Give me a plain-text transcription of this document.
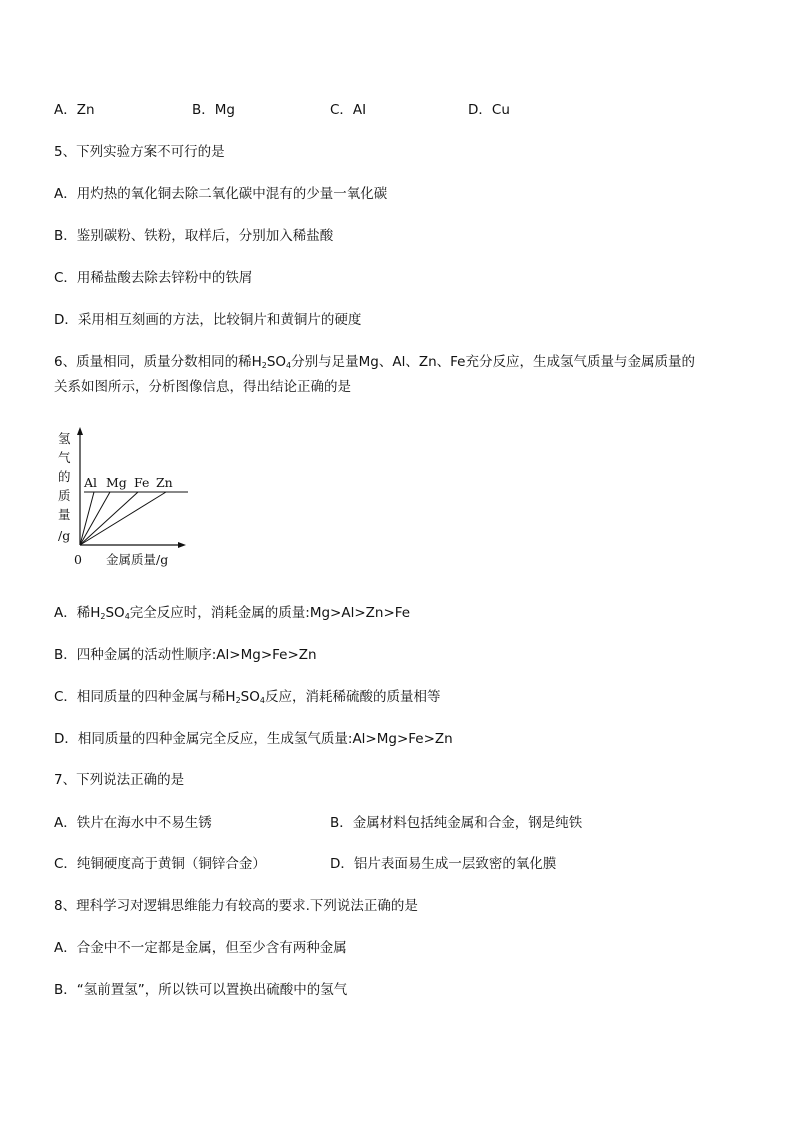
A．Zn	B．Mg	C．AI	D．Cu
5、下列实验方案不可行的是
A．用灼热的氧化铜去除二氧化碳中混有的少量一氧化碳
B．鉴别碳粉、铁粉，取样后，分别加入稀盐酸
C．用稀盐酸去除去锌粉中的铁屑
D．采用相互刻画的方法，比较铜片和黄铜片的硬度
6、质量相同，质量分数相同的稀$H_2SO_4$分别与足量Mg、Al、Zn、Fe充分反应，生成氢气质量与金属质量的
关系如图所示，分析图像信息，得出结论正确的是
氢
气
的
质
量
/g
Al Mg Fe Zn
0 金属质量/g
A．稀$H_2SO_4$完全反应时，消耗金属的质量:Mg>Al>Zn>Fe
B．四种金属的活动性顺序:Al>Mg>Fe>Zn
C．相同质量的四种金属与稀$H_2SO_4$反应，消耗稀硫酸的质量相等
D．相同质量的四种金属完全反应，生成氢气质量:Al>Mg>Fe>Zn
7、下列说法正确的是
A．铁片在海水中不易生锈	B．金属材料包括纯金属和合金，钢是纯铁
C．纯铜硬度高于黄铜（铜锌合金）	D．铝片表面易生成一层致密的氧化膜
8、理科学习对逻辑思维能力有较高的要求.下列说法正确的是
A．合金中不一定都是金属，但至少含有两种金属
B．“氢前置氢”，所以铁可以置换出硫酸中的氢气
